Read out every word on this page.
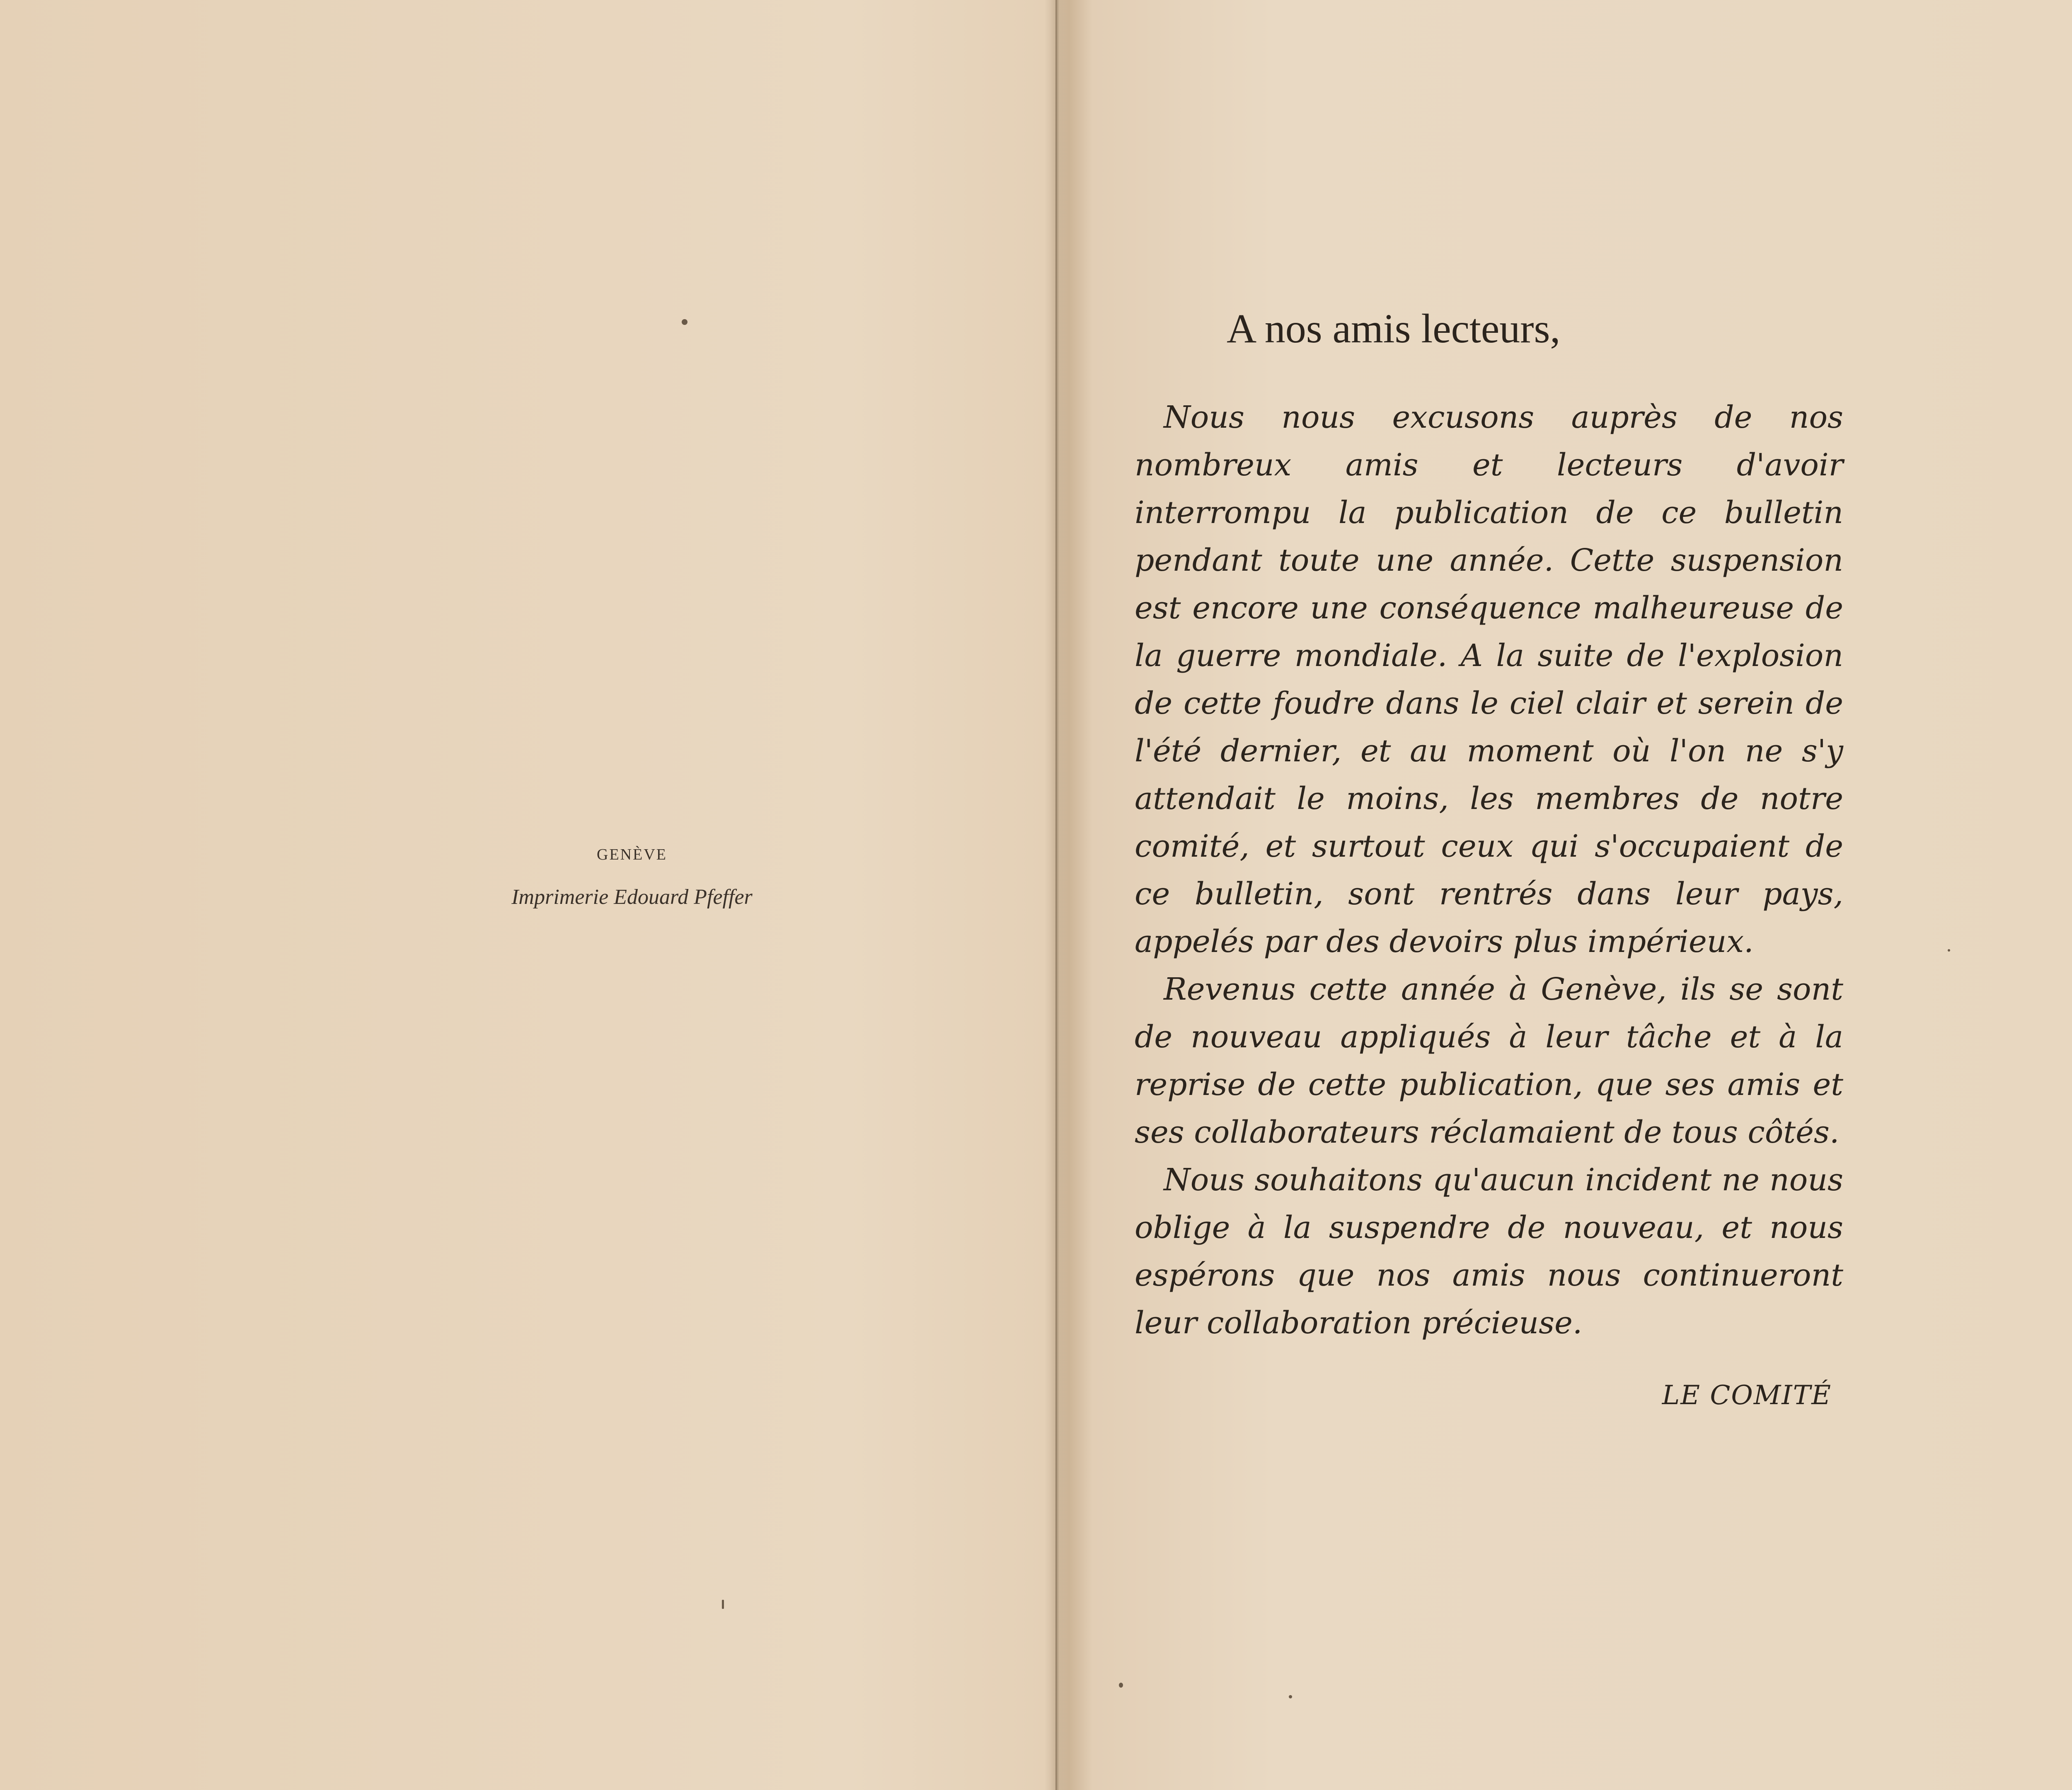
GENÈVE
Imprimerie Edouard Pfeffer
A nos amis lecteurs,

Nous nous excusons auprès de nos nombreux amis et lecteurs d'avoir interrompu la publication de ce bulletin pendant toute une année. Cette suspension est encore une conséquence malheureuse de la guerre mondiale. A la suite de l'explosion de cette foudre dans le ciel clair et serein de l'été dernier, et au moment où l'on ne s'y attendait le moins, les membres de notre comité, et surtout ceux qui s'occupaient de ce bulletin, sont rentrés dans leur pays, appelés par des devoirs plus impérieux.

Revenus cette année à Genève, ils se sont de nouveau appliqués à leur tâche et à la reprise de cette publication, que ses amis et ses collaborateurs réclamaient de tous côtés.

Nous souhaitons qu'aucun incident ne nous oblige à la suspendre de nouveau, et nous espérons que nos amis nous continueront leur collaboration précieuse.

LE COMITÉ
